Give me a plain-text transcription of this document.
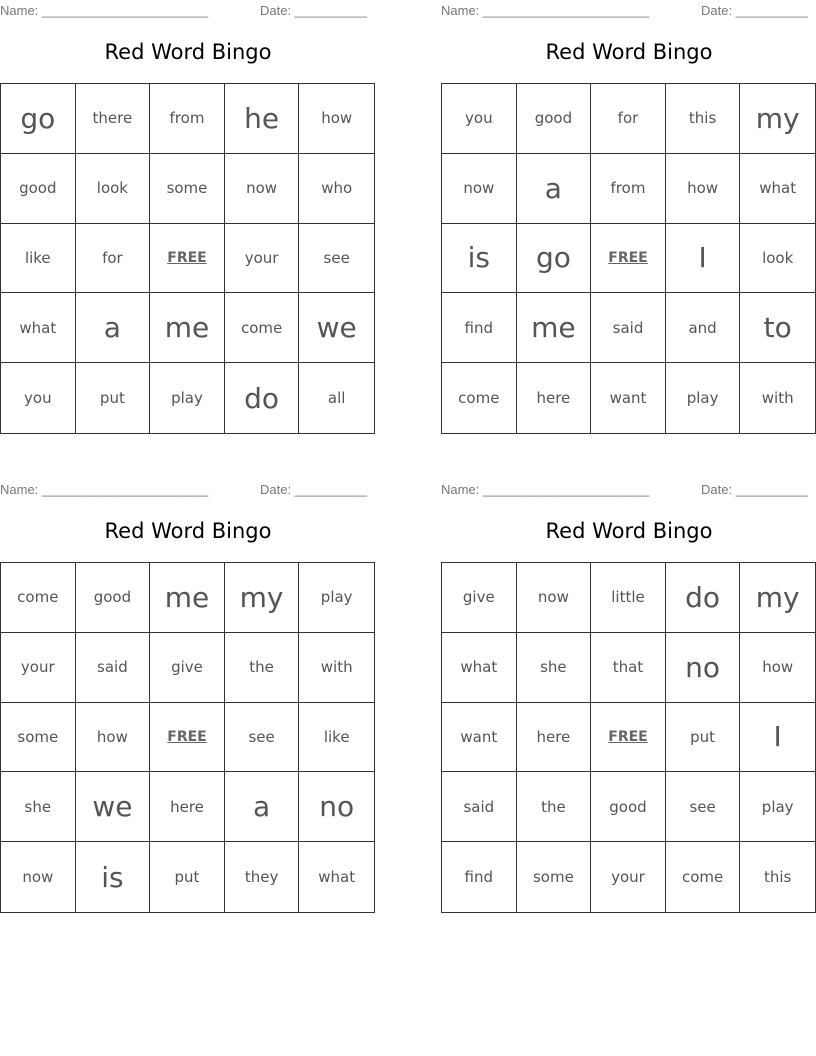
Name: _______________________	Date: __________
Red Word Bingo
go	there	from	he	how
good	look	some	now	who
like	for	FREE	your	see
what	a	me	come	we
you	put	play	do	all
Name: _______________________	Date: __________
Red Word Bingo
you	good	for	this	my
now	a	from	how	what
is	go	FREE	I	look
find	me	said	and	to
come	here	want	play	with
Name: _______________________	Date: __________
Red Word Bingo
come	good	me	my	play
your	said	give	the	with
some	how	FREE	see	like
she	we	here	a	no
now	is	put	they	what
Name: _______________________	Date: __________
Red Word Bingo
give	now	little	do	my
what	she	that	no	how
want	here	FREE	put	I
said	the	good	see	play
find	some	your	come	this
